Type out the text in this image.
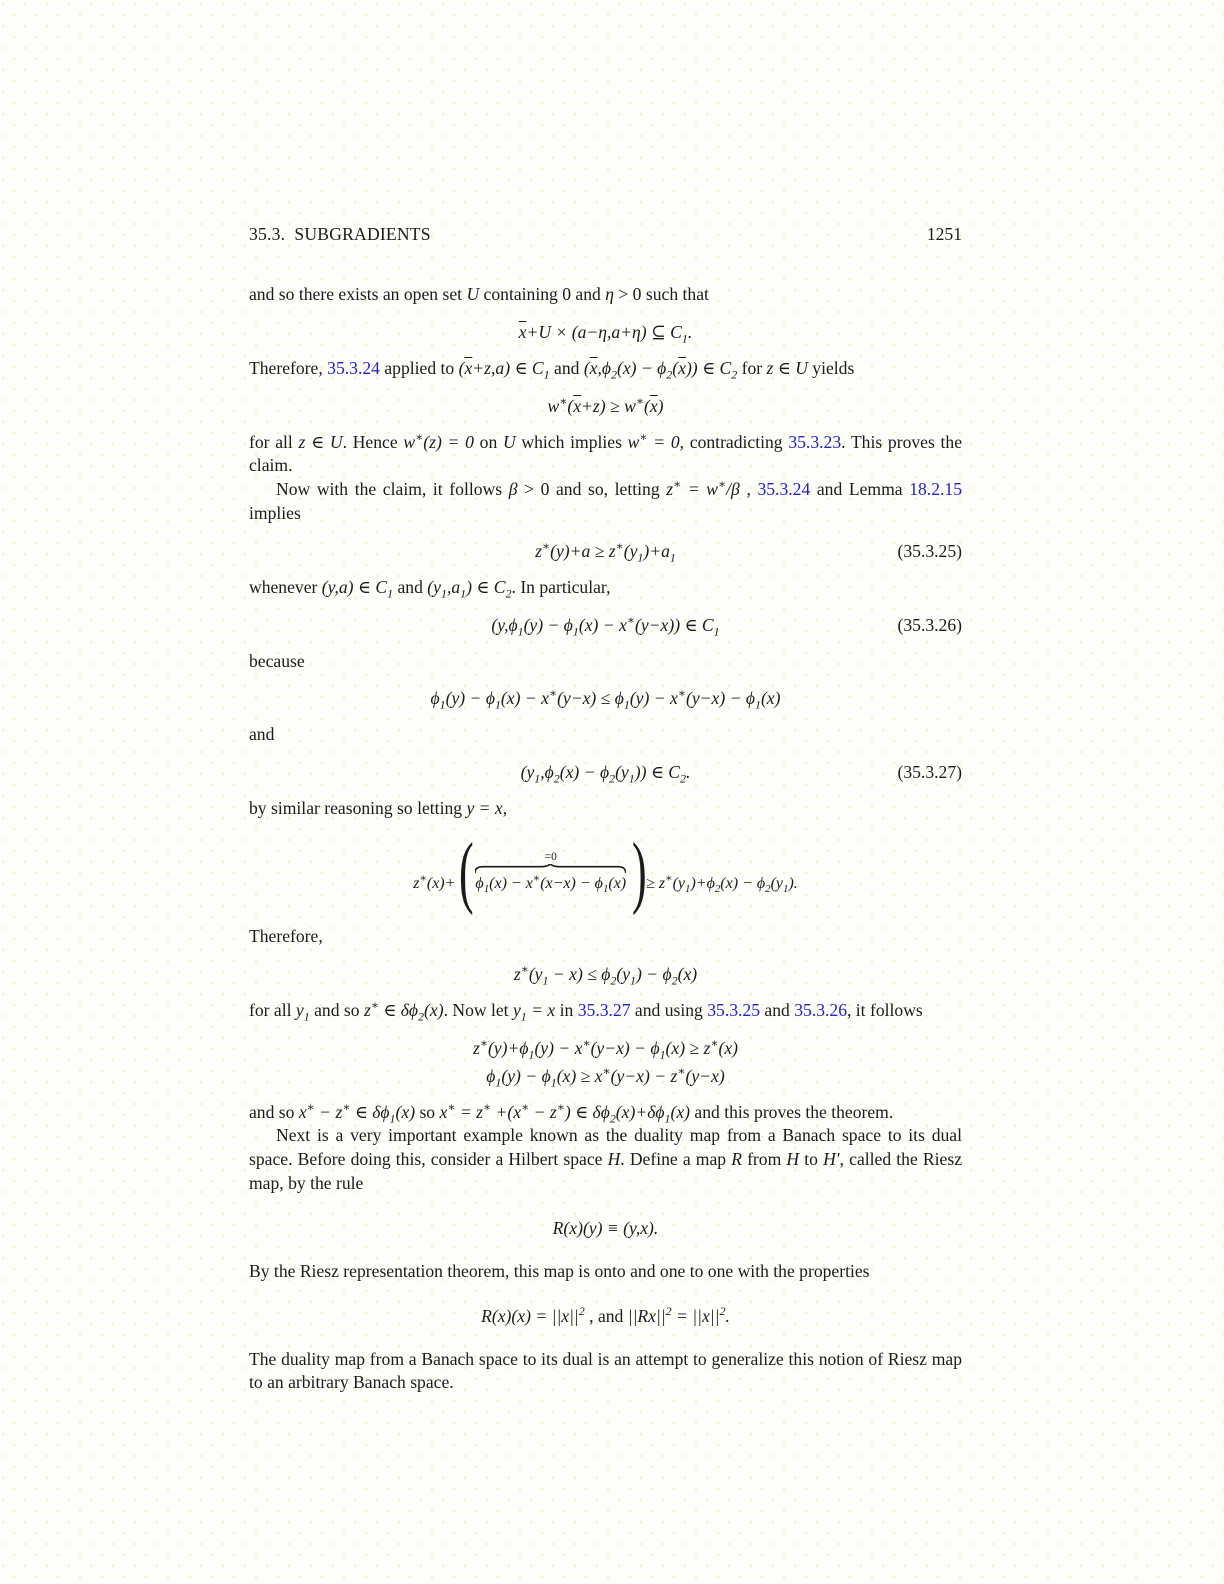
35.3. SUBGRADIENTS	1251

and so there exists an open set U containing 0 and η > 0 such that

$\overline{x}+U \times (a-\eta,a+\eta)$ ⊆ $C_1$.

Therefore, 35.3.24 applied to $(\overline{x}+z,a)$ ∈ $C_1$ and $(\overline{x},\phi_2(x) - \phi_2(\overline{x}))$ ∈ $C_2$ for z ∈ U yields

$w^∗(\overline{x}+z) \ge w^∗(\overline{x})$

for all z ∈ U. Hence w∗(z) = 0 on U which implies w∗ = 0, contradicting 35.3.23. This proves the claim.

Now with the claim, it follows β > 0 and so, letting z∗ = w∗/β , 35.3.24 and Lemma 18.2.15 implies

$z^∗(y)+a \ge z^∗(y_1)+a_1$	(35.3.25)

whenever (y,a) ∈ $C_1$ and $(y_1,a_1)$ ∈ $C_2$. In particular,

$(y,\phi_1(y) - \phi_1(x) - x^∗(y-x))$ ∈ $C_1$	(35.3.26)

because

$\phi_1(y) - \phi_1(x) - x^∗(y-x) \le \phi_1(y) - x^∗(y-x) - \phi_1(x)$

and

$(y_1,\phi_2(x) - \phi_2(y_1))$ ∈ $C_2$.	(35.3.27)

by similar reasoning so letting y = x,

z∗(x)+ (	=0
$\phi_1(x) - x^∗(x-x) - \phi_1(x)$ ) ≥ $z^∗(y_1)+\phi_2(x) - \phi_2(y_1)$.

Therefore,

$z^∗(y_1 - x) \le \phi_2(y_1) - \phi_2(x)$

for all $y_1$ and so z∗ ∈ $\delta\phi_2(x)$. Now let $y_1 = x$ in 35.3.27 and using 35.3.25 and 35.3.26, it follows

$z^∗(y)+\phi_1(y) - x^∗(y-x) - \phi_1(x) \ge z^∗(x)$
$\phi_1(y) - \phi_1(x) \ge x^∗(y-x) - z^∗(y-x)$

and so x∗ − z∗ ∈ $\delta\phi_1(x)$ so x∗ = z∗ +(x∗ − z∗) ∈ $\delta\phi_2(x)+\delta\phi_1(x)$ and this proves the theorem.

Next is a very important example known as the duality map from a Banach space to its dual space. Before doing this, consider a Hilbert space H. Define a map R from H to H′, called the Riesz map, by the rule

R(x)(y) ≡ (y,x).

By the Riesz representation theorem, this map is onto and one to one with the properties

$R(x)(x) = ||x||^2$ , and $||Rx||^2 = ||x||^2$.

The duality map from a Banach space to its dual is an attempt to generalize this notion of Riesz map to an arbitrary Banach space.
